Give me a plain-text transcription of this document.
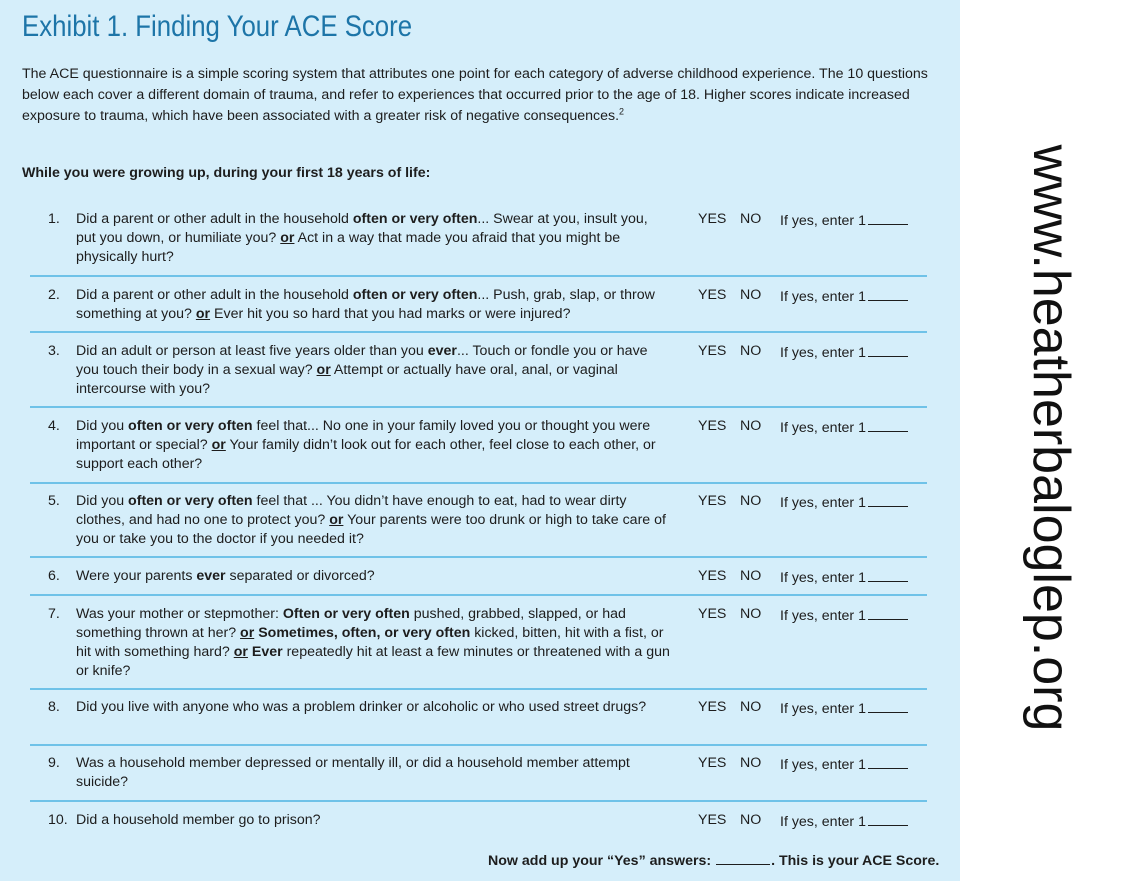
www.heatherbaloglep.org
Exhibit 1. Finding Your ACE Score
The ACE questionnaire is a simple scoring system that attributes one point for each category of adverse childhood experience. The 10 questions below each cover a different domain of trauma, and refer to experiences that occurred prior to the age of 18. Higher scores indicate increased exposure to trauma, which have been associated with a greater risk of negative consequences.$^2$
While you were growing up, during your first 18 years of life:
1. Did a parent or other adult in the household often or very often... Swear at you, insult you, put you down, or humiliate you? or Act in a way that made you afraid that you might be physically hurt?
YES NO If yes, enter 1
2. Did a parent or other adult in the household often or very often... Push, grab, slap, or throw something at you? or Ever hit you so hard that you had marks or were injured?
YES NO If yes, enter 1
3. Did an adult or person at least five years older than you ever... Touch or fondle you or have you touch their body in a sexual way? or Attempt or actually have oral, anal, or vaginal intercourse with you?
YES NO If yes, enter 1
4. Did you often or very often feel that... No one in your family loved you or thought you were important or special? or Your family didn’t look out for each other, feel close to each other, or support each other?
YES NO If yes, enter 1
5. Did you often or very often feel that ... You didn’t have enough to eat, had to wear dirty clothes, and had no one to protect you? or Your parents were too drunk or high to take care of you or take you to the doctor if you needed it?
YES NO If yes, enter 1
6. Were your parents ever separated or divorced?	YES NO If yes, enter 1
7. Was your mother or stepmother: Often or very often pushed, grabbed, slapped, or had something thrown at her? or Sometimes, often, or very often kicked, bitten, hit with a fist, or hit with something hard? or Ever repeatedly hit at least a few minutes or threatened with a gun or knife?
YES NO If yes, enter 1
8. Did you live with anyone who was a problem drinker or alcoholic or who used street drugs?	YES NO If yes, enter 1
9. Was a household member depressed or mentally ill, or did a household member attempt suicide?
YES NO If yes, enter 1
10. Did a household member go to prison?	YES NO If yes, enter 1
Now add up your “Yes” answers:	. This is your ACE Score.
